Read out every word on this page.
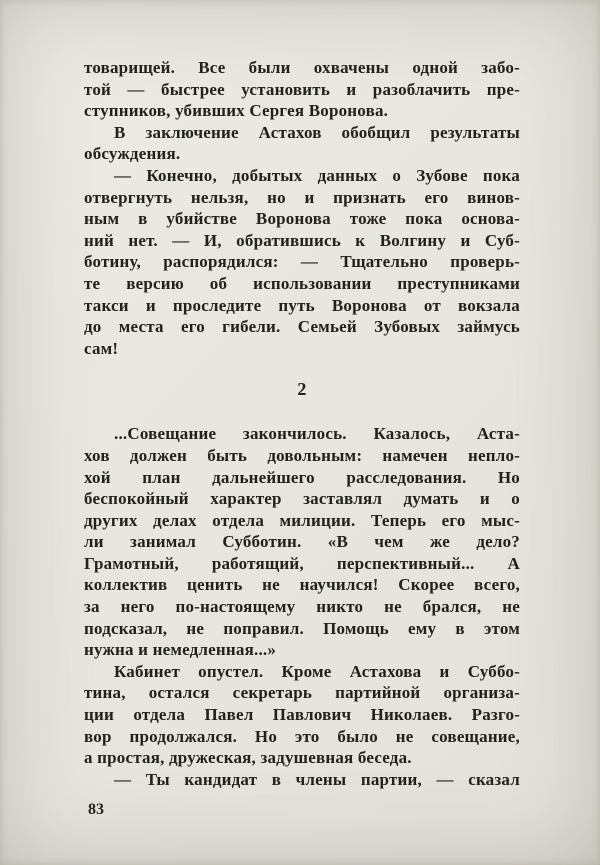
товарищей. Все были охвачены одной забо-
той — быстрее установить и разоблачить пре-
ступников, убивших Сергея Воронова.
В заключение Астахов обобщил результаты
обсуждения.
— Конечно, добытых данных о Зубове пока
отвергнуть нельзя, но и признать его винов-
ным в убийстве Воронова тоже пока основа-
ний нет. — И, обратившись к Волгину и Суб-
ботину, распорядился: — Тщательно проверь-
те версию об использовании преступниками
такси и проследите путь Воронова от вокзала
до места его гибели. Семьей Зубовых займусь
сам!
2
...Совещание закончилось. Казалось, Аста-
хов должен быть довольным: намечен непло-
хой план дальнейшего расследования. Но
беспокойный характер заставлял думать и о
других делах отдела милиции. Теперь его мыс-
ли занимал Субботин. «В чем же дело?
Грамотный, работящий, перспективный... А
коллектив ценить не научился! Скорее всего,
за него по-настоящему никто не брался, не
подсказал, не поправил. Помощь ему в этом
нужна и немедленная...»
Кабинет опустел. Кроме Астахова и Суббо-
тина, остался секретарь партийной организа-
ции отдела Павел Павлович Николаев. Разго-
вор продолжался. Но это было не совещание,
а простая, дружеская, задушевная беседа.
— Ты кандидат в члены партии, — сказал
83
